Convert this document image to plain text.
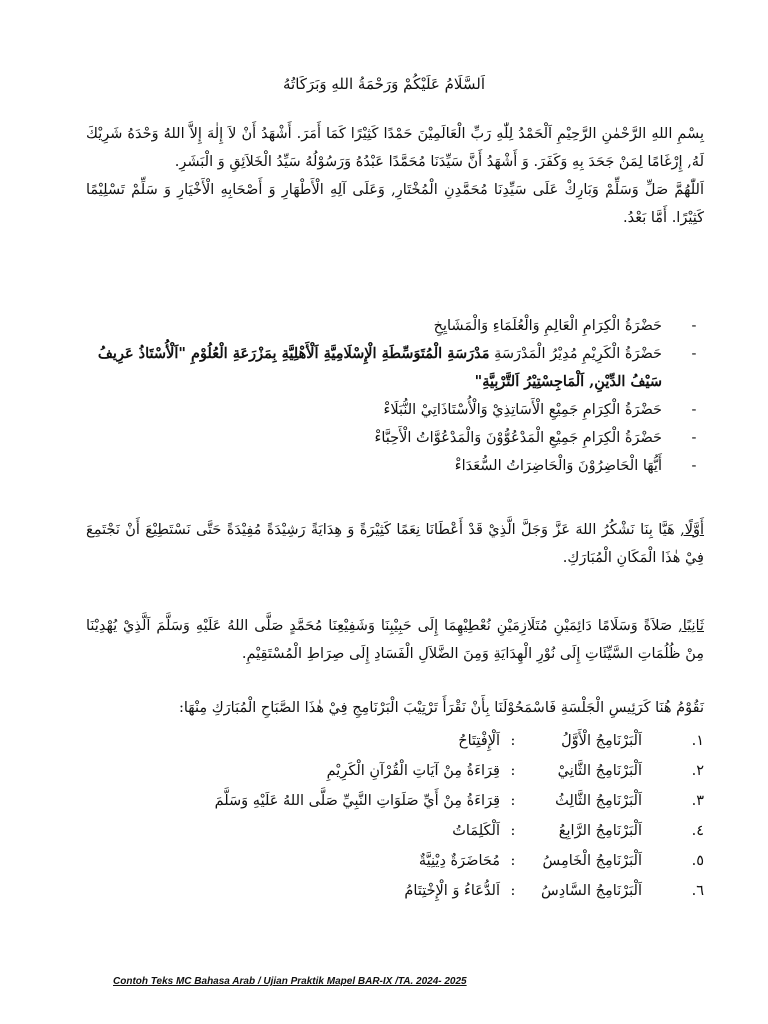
اَلسَّلَامُ عَلَيْكُمْ وَرَحْمَةُ اللهِ وَبَرَكَاتُهُ

بِسْمِ اللهِ الرَّحْمٰنِ الرَّحِيْمِ اَلْحَمْدُ لِلّٰهِ رَبِّ الْعَالَمِيْنَ حَمْدًا كَثِيْرًا كَمَا أَمَرَ. أَشْهَدُ أَنْ لاَ إِلٰهَ إِلاَّ اللهُ وَحْدَهُ شَرِيْكَ لَهُ, إِرْغَامًا لِمَنْ جَحَدَ بِهِ وَكَفَرَ. وَ أَشْهَدُ أَنَّ سَيِّدَنَا مُحَمَّدًا عَبْدُهُ وَرَسُوْلُهُ سَيِّدُ الْخَلاَئِقِ وَ الْبَشَرِ.

اَللّٰهُمَّ صَلِّ وَسَلِّمْ وَبَارِكْ عَلَى سَيِّدِنَا مُحَمَّدِنِ الْمُخْتَارِ, وَعَلَى آلِهِ الْأَطْهَارِ وَ أَصْحَابِهِ الْأَخْيَارِ وَ سَلِّمْ تَسْلِيْمًا كَثِيْرًا. أَمَّا بَعْدُ.

-
حَضْرَةُ الْكِرَامِ الْعَالِمِ وَالْعُلَمَاءِ وَالْمَشَايِخِ
-
حَضْرَةُ الْكَرِيْمِ مُدِيْرُ الْمَدْرَسَةِ مَدْرَسَةِ الْمُتَوَسِّطَةِ الْإِسْلَامِيَّةِ اَلْأَهْلِيَّةِ بِمَزْرَعَةِ الْعُلُوْمِ "اَلْأُسْتَاذُ عَرِيفُ سَيْفُ الدِّيْنِ, اَلْمَاجِسْتِيْرُ اَلتَّرْبِيَّةِ"
-
حَضْرَةُ الْكِرَامِ جَمِيْعِ الْأَسَاتِذِيْ وَالْأُسْتَاذَاتِيْ النُّبَلَاءْ
-
حَضْرَةُ الْكِرَامِ جَمِيْعِ الْمَدْعُوُّوْنَ وَالْمَدْعُوَّاتُ الْأَحِبَّاءْ
-
أَيُّهَا الْحَاضِرُوْنَ وَالْحَاضِرَاتُ السُّعَدَاءْ

أَوَّلًا, هَيَّا بِنَا نَشْكُرُ اللهَ عَزَّ وَجَلَّ الَّذِيْ قَدْ أَعْطَانَا نِعَمًا كَثِيْرَةً وَ هِدَايَةً رَشِيْدَةً مُفِيْدَةً حَتَّى نَسْتَطِيْعَ أَنْ نَجْتَمِعَ فِيْ هٰذَا الْمَكَانِ الْمُبَارَكِ.

ثَانِيًا, صَلاَةً وَسَلَامًا دَائِمَيْنِ مُتَلَازِمَيْنِ نُعْطِيْهِمَا إِلَى حَبِيْبِنَا وَشَفِيْعِنَا مُحَمَّدٍ صَلَّى اللهُ عَلَيْهِ وَسَلَّمَ اَلَّذِيْ يُهْدِيْنَا مِنْ ظُلُمَاتِ السَّيِّئَاتِ إِلَى نُوْرِ الْهِدَايَةِ وَمِنَ الضَّلاَلِ الْفَسَادِ إِلَى صِرَاطِ الْمُسْتَقِيْمِ.

نَقُوْمُ هُنَا كَرَئِيسِ الْجَلْسَةِ فَاسْمَحُوْلَنَا بِأَنْ نَقْرَأَ تَرْتِيْبَ الْبَرْنَامِجِ فِيْ هٰذَا الصَّبَاحِ الْمُبَارَكِ مِنْهَا:
١.
اَلْبَرْنَامِجُ الْأَوَّلُ
:
اَلْإِفْتِتَاحُ
٢.
اَلْبَرْنَامِجُ الثَّانِيْ
:
قِرَاءَةُ مِنْ آيَاتِ الْقُرْآنِ الْكَرِيْمِ
٣.
اَلْبَرْنَامِجُ الثَّالِثُ
:
قِرَاءَةُ مِنْ أَيِّ صَلَوَاتِ النَّبِيِّ صَلَّى اللهُ عَلَيْهِ وَسَلَّمَ
٤.
اَلْبَرْنَامِجُ الرَّابِعُ
:
اَلْكَلِمَاتُ
٥.
اَلْبَرْنَامِجُ الْخَامِسُ
:
مُحَاضَرَةٌ دِيْنِيَّةٌ
٦.
اَلْبَرْنَامِجُ السَّادِسُ
:
اَلدُّعَاءُ وَ الْإِخْتِتَامُ
Contoh Teks MC Bahasa Arab / Ujian Praktik Mapel BAR-IX /TA. 2024- 2025
